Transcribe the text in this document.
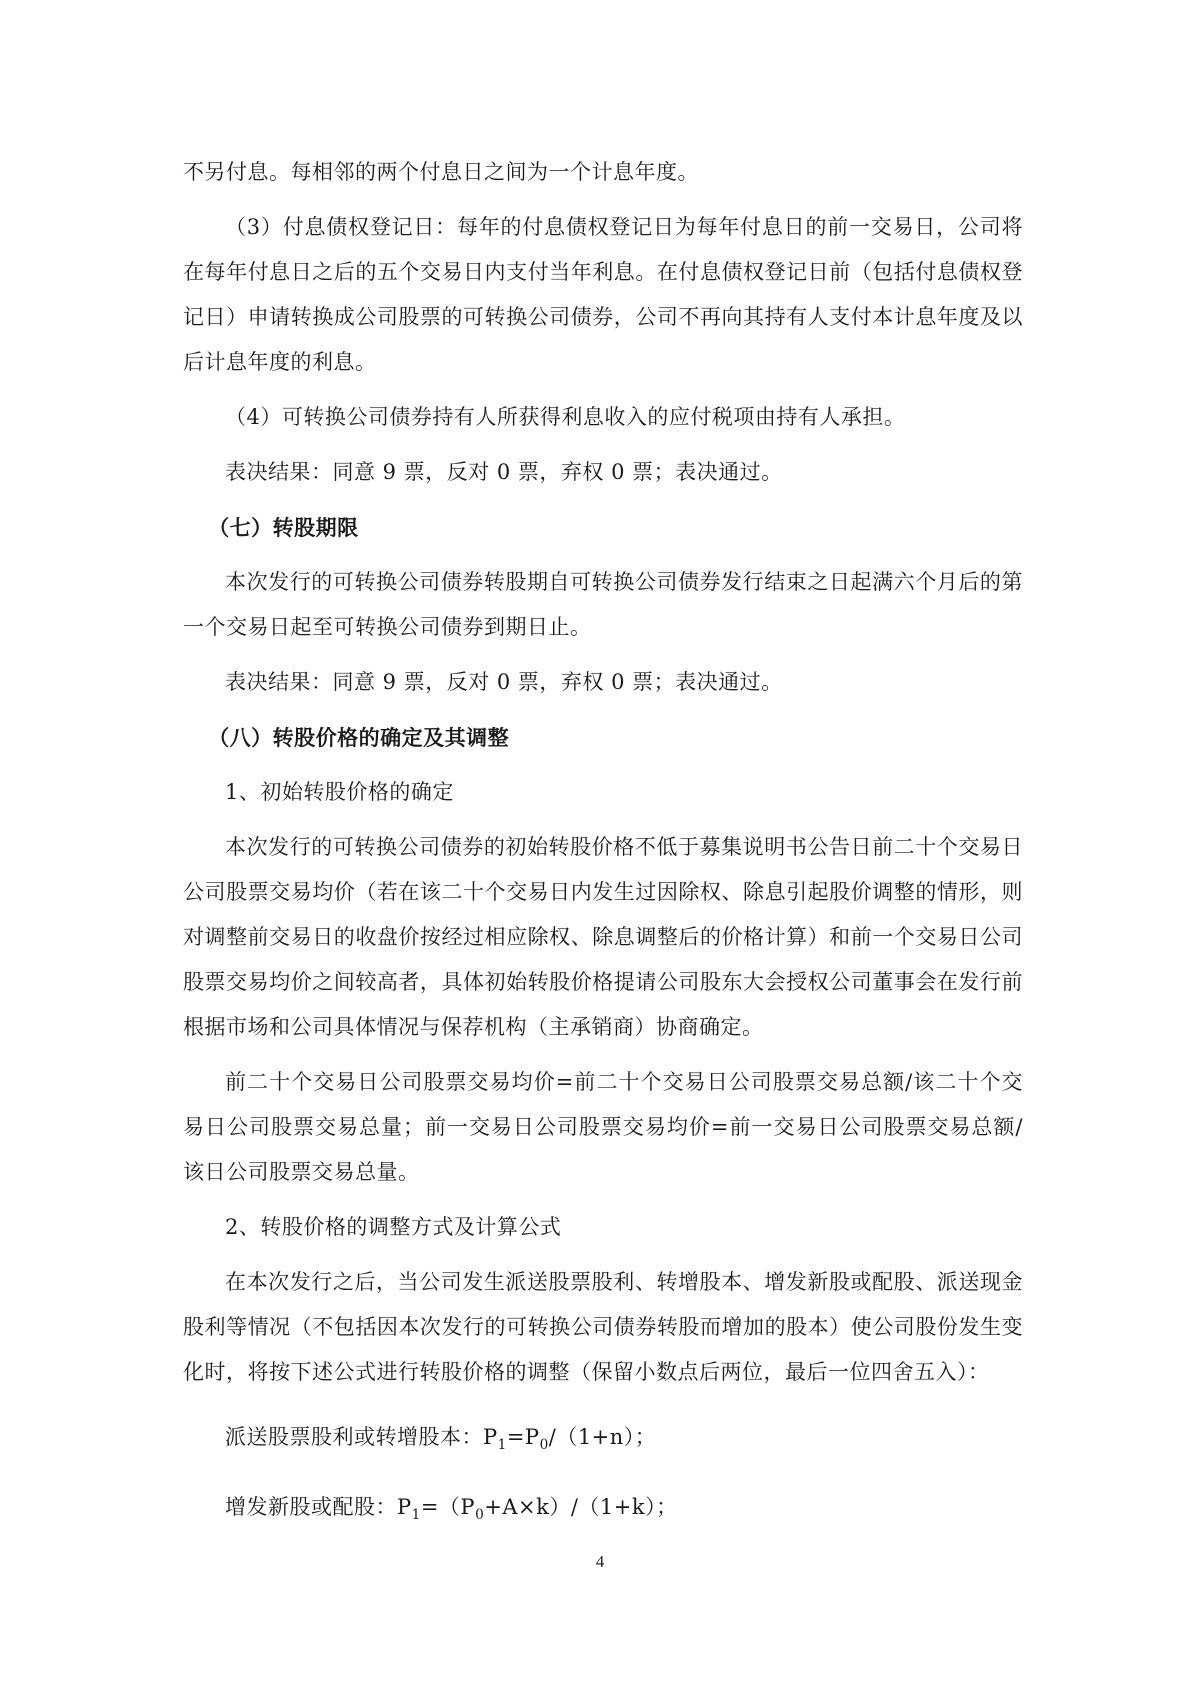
不另付息。每相邻的两个付息日之间为一个计息年度。

（3）付息债权登记日：每年的付息债权登记日为每年付息日的前一交易日，公司将在每年付息日之后的五个交易日内支付当年利息。在付息债权登记日前（包括付息债权登记日）申请转换成公司股票的可转换公司债券，公司不再向其持有人支付本计息年度及以后计息年度的利息。

（4）可转换公司债券持有人所获得利息收入的应付税项由持有人承担。

表决结果：同意 9 票，反对 0 票，弃权 0 票；表决通过。

（七）转股期限

本次发行的可转换公司债券转股期自可转换公司债券发行结束之日起满六个月后的第一个交易日起至可转换公司债券到期日止。

表决结果：同意 9 票，反对 0 票，弃权 0 票；表决通过。

（八）转股价格的确定及其调整

1、初始转股价格的确定

本次发行的可转换公司债券的初始转股价格不低于募集说明书公告日前二十个交易日公司股票交易均价（若在该二十个交易日内发生过因除权、除息引起股价调整的情形，则对调整前交易日的收盘价按经过相应除权、除息调整后的价格计算）和前一个交易日公司股票交易均价之间较高者，具体初始转股价格提请公司股东大会授权公司董事会在发行前根据市场和公司具体情况与保荐机构（主承销商）协商确定。

前二十个交易日公司股票交易均价=前二十个交易日公司股票交易总额/该二十个交易日公司股票交易总量；前一交易日公司股票交易均价=前一交易日公司股票交易总额/该日公司股票交易总量。

2、转股价格的调整方式及计算公式

在本次发行之后，当公司发生派送股票股利、转增股本、增发新股或配股、派送现金股利等情况（不包括因本次发行的可转换公司债券转股而增加的股本）使公司股份发生变化时，将按下述公式进行转股价格的调整（保留小数点后两位，最后一位四舍五入）：

派送股票股利或转增股本：$P_1=P_0/(1+n)$；

增发新股或配股：$P_1=(P_0+A\times k)/(1+k)$；

4
